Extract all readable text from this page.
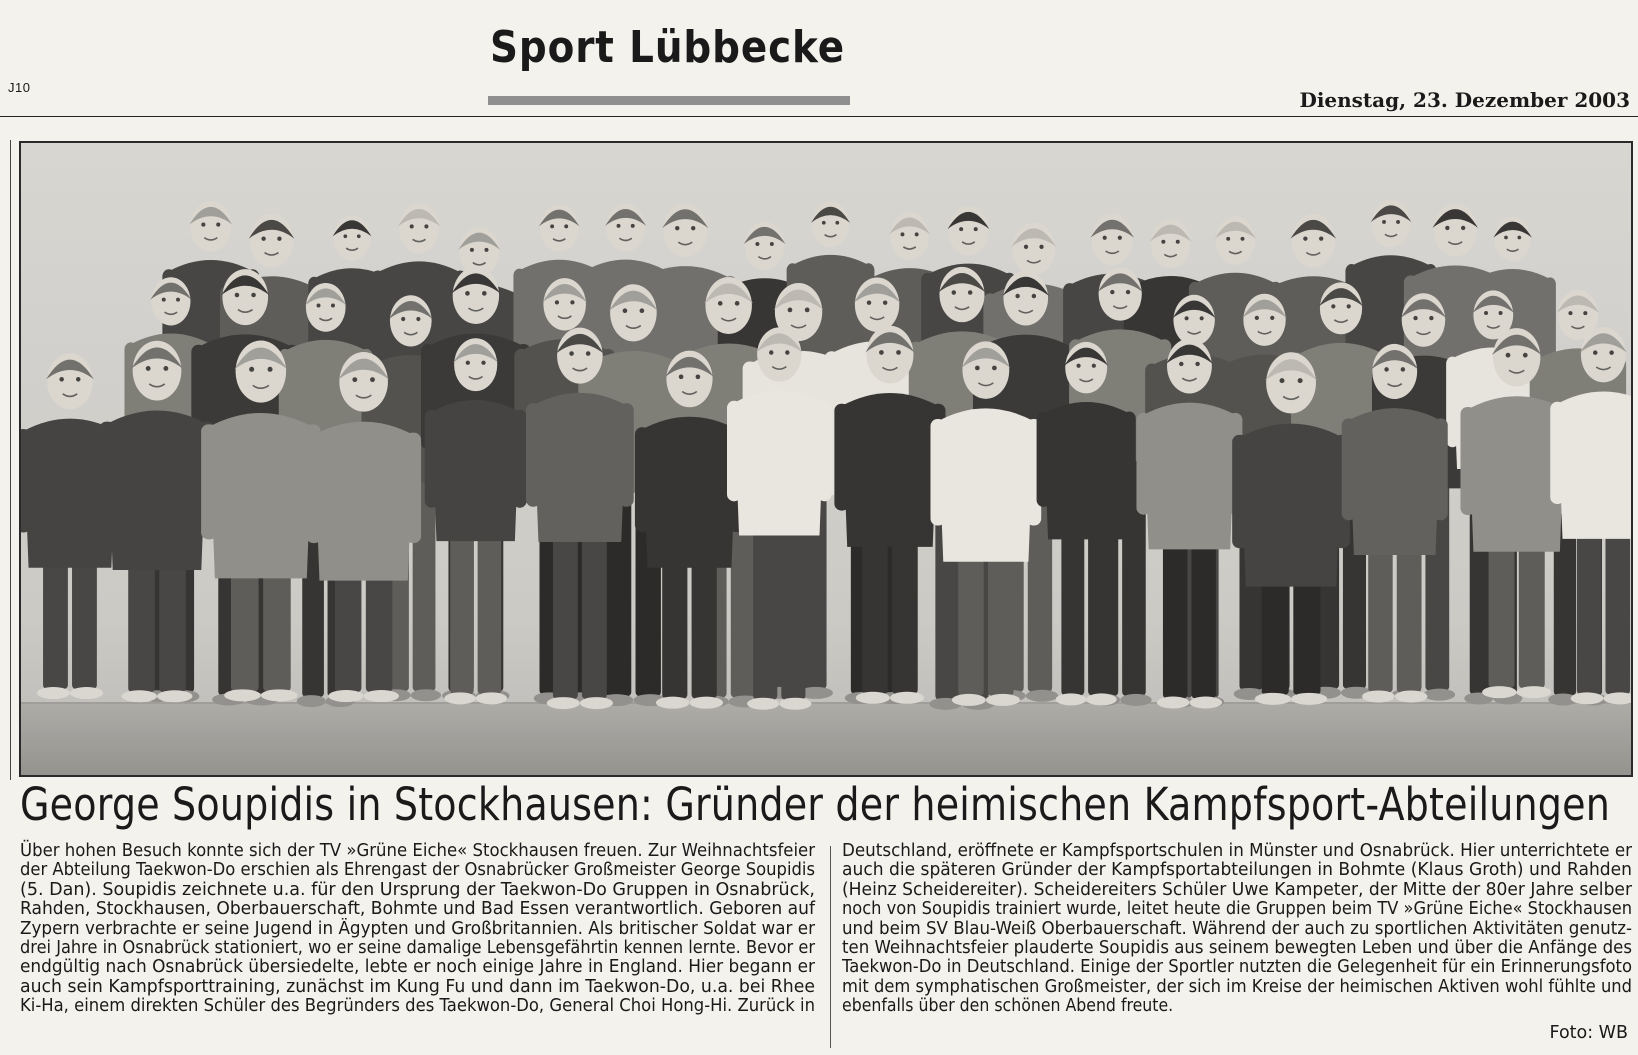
J10
Sport Lübbecke
Dienstag, 23. Dezember 2003
George Soupidis in Stockhausen: Gründer der heimischen Kampfsport-Abteilungen
Über hohen Besuch konnte sich der TV »Grüne Eiche« Stockhausen freuen. Zur Weihnachtsfeier
der Abteilung Taekwon-Do erschien als Ehrengast der Osnabrücker Großmeister George Soupidis
(5. Dan). Soupidis zeichnete u.a. für den Ursprung der Taekwon-Do Gruppen in Osnabrück,
Rahden, Stockhausen, Oberbauerschaft, Bohmte und Bad Essen verantwortlich. Geboren auf
Zypern verbrachte er seine Jugend in Ägypten und Großbritannien. Als britischer Soldat war er
drei Jahre in Osnabrück stationiert, wo er seine damalige Lebensgefährtin kennen lernte. Bevor er
endgültig nach Osnabrück übersiedelte, lebte er noch einige Jahre in England. Hier begann er
auch sein Kampfsporttraining, zunächst im Kung Fu und dann im Taekwon-Do, u.a. bei Rhee
Ki-Ha, einem direkten Schüler des Begründers des Taekwon-Do, General Choi Hong-Hi. Zurück in
Deutschland, eröffnete er Kampfsportschulen in Münster und Osnabrück. Hier unterrichtete er
auch die späteren Gründer der Kampfsportabteilungen in Bohmte (Klaus Groth) und Rahden
(Heinz Scheidereiter). Scheidereiters Schüler Uwe Kampeter, der Mitte der 80er Jahre selber
noch von Soupidis trainiert wurde, leitet heute die Gruppen beim TV »Grüne Eiche« Stockhausen
und beim SV Blau-Weiß Oberbauerschaft. Während der auch zu sportlichen Aktivitäten genutz-
ten Weihnachtsfeier plauderte Soupidis aus seinem bewegten Leben und über die Anfänge des
Taekwon-Do in Deutschland. Einige der Sportler nutzten die Gelegenheit für ein Erinnerungsfoto
mit dem symphatischen Großmeister, der sich im Kreise der heimischen Aktiven wohl fühlte und
ebenfalls über den schönen Abend freute.
Foto: WB
